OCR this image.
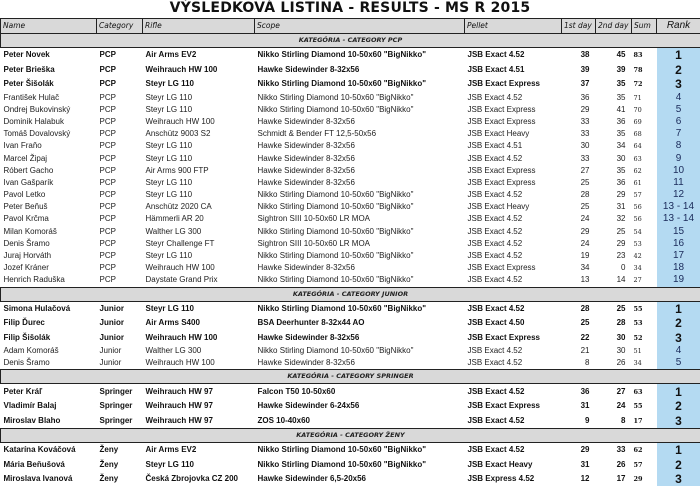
VÝSLEDKOVÁ LISTINA - RESULTS - MS R 2015
Name	Category	Rifle	Scope	Pellet	1st day	2nd day	Sum	Rank
KATEGÓRIA - CATEGORY PCP								
Peter Novek	PCP	Air Arms EV2	Nikko Stirling Diamond 10-50x60 "BigNikko"	JSB Exact 4.52	38	45	83	1
Peter Brieška	PCP	Weihrauch HW 100	Hawke Sidewinder 8-32x56	JSB Exact 4.51	39	39	78	2
Peter Šišolák	PCP	Steyr LG 110	Nikko Stirling Diamond 10-50x60 "BigNikko"	JSB Exact Express	37	35	72	3
František Hulač	PCP	Steyr LG 110	Nikko Stirling Diamond 10-50x60 "BigNikko"	JSB Exact 4.52	36	35	71	4
Ondrej Bukovinský	PCP	Steyr LG 110	Nikko Stirling Diamond 10-50x60 "BigNikko"	JSB Exact Express	29	41	70	5
Dominik Halabuk	PCP	Weihrauch HW 100	Hawke Sidewinder 8-32x56	JSB Exact Express	33	36	69	6
Tomáš Dovalovský	PCP	Anschütz 9003 S2	Schmidt & Bender FT 12,5-50x56	JSB Exact Heavy	33	35	68	7
Ivan Fraňo	PCP	Steyr LG 110	Hawke Sidewinder 8-32x56	JSB Exact 4.51	30	34	64	8
Marcel Žipaj	PCP	Steyr LG 110	Hawke Sidewinder 8-32x56	JSB Exact 4.52	33	30	63	9
Róbert Gacho	PCP	Air Arms 900 FTP	Hawke Sidewinder 8-32x56	JSB Exact Express	27	35	62	10
Ivan Gašparík	PCP	Steyr LG 110	Hawke Sidewinder 8-32x56	JSB Exact Express	25	36	61	11
Pavol Letko	PCP	Steyr LG 110	Nikko Stirling Diamond 10-50x60 "BigNikko"	JSB Exact 4.52	28	29	57	12
Peter Beňuš	PCP	Anschütz 2020 CA	Nikko Stirling Diamond 10-50x60 "BigNikko"	JSB Exact Heavy	25	31	56	13 - 14
Pavol Krčma	PCP	Hämmerli AR 20	Sightron SIII 10-50x60 LR MOA	JSB Exact 4.52	24	32	56	13 - 14
Milan Komoráš	PCP	Walther LG 300	Nikko Stirling Diamond 10-50x60 "BigNikko"	JSB Exact 4.52	29	25	54	15
Denis Šramo	PCP	Steyr Challenge FT	Sightron SIII 10-50x60 LR MOA	JSB Exact 4.52	24	29	53	16
Juraj Horváth	PCP	Steyr LG 110	Nikko Stirling Diamond 10-50x60 "BigNikko"	JSB Exact 4.52	19	23	42	17
Jozef Kráner	PCP	Weihrauch HW 100	Hawke Sidewinder 8-32x56	JSB Exact Express	34	0	34	18
Henrich Raduška	PCP	Daystate Grand Prix	Nikko Stirling Diamond 10-50x60 "BigNikko"	JSB Exact 4.52	13	14	27	19
KATEGÓRIA - CATEGORY JUNIOR								
Simona Hulačová	Junior	Steyr LG 110	Nikko Stirling Diamond 10-50x60 "BigNikko"	JSB Exact 4.52	28	25	55	1
Filip Ďurec	Junior	Air Arms S400	BSA Deerhunter 8-32x44 AO	JSB Exact 4.50	25	28	53	2
Filip Šišolák	Junior	Weihrauch HW 100	Hawke Sidewinder 8-32x56	JSB Exact Express	22	30	52	3
Adam Komoráš	Junior	Walther LG 300	Nikko Stirling Diamond 10-50x60 "BigNikko"	JSB Exact 4.52	21	30	51	4
Denis Šramo	Junior	Weihrauch HW 100	Hawke Sidewinder 8-32x56	JSB Exact 4.52	8	26	34	5
KATEGÓRIA - CATEGORY SPRINGER								
Peter Kráľ	Springer	Weihrauch HW 97	Falcon T50 10-50x60	JSB Exact 4.52	36	27	63	1
Vladimír Balaj	Springer	Weihrauch HW 97	Hawke Sidewinder 6-24x56	JSB Exact Express	31	24	55	2
Miroslav Blaho	Springer	Weihrauch HW 97	ZOS 10-40x60	JSB Exact 4.52	9	8	17	3
KATEGÓRIA - CATEGORY ŽENY								
Katarína Kováčová	Ženy	Air Arms EV2	Nikko Stirling Diamond 10-50x60 "BigNikko"	JSB Exact 4.52	29	33	62	1
Mária Beňušová	Ženy	Steyr LG 110	Nikko Stirling Diamond 10-50x60 "BigNikko"	JSB Exact Heavy	31	26	57	2
Miroslava Ivanová	Ženy	Česká Zbrojovka CZ 200	Hawke Sidewinder 6,5-20x56	JSB Express 4.52	12	17	29	3
